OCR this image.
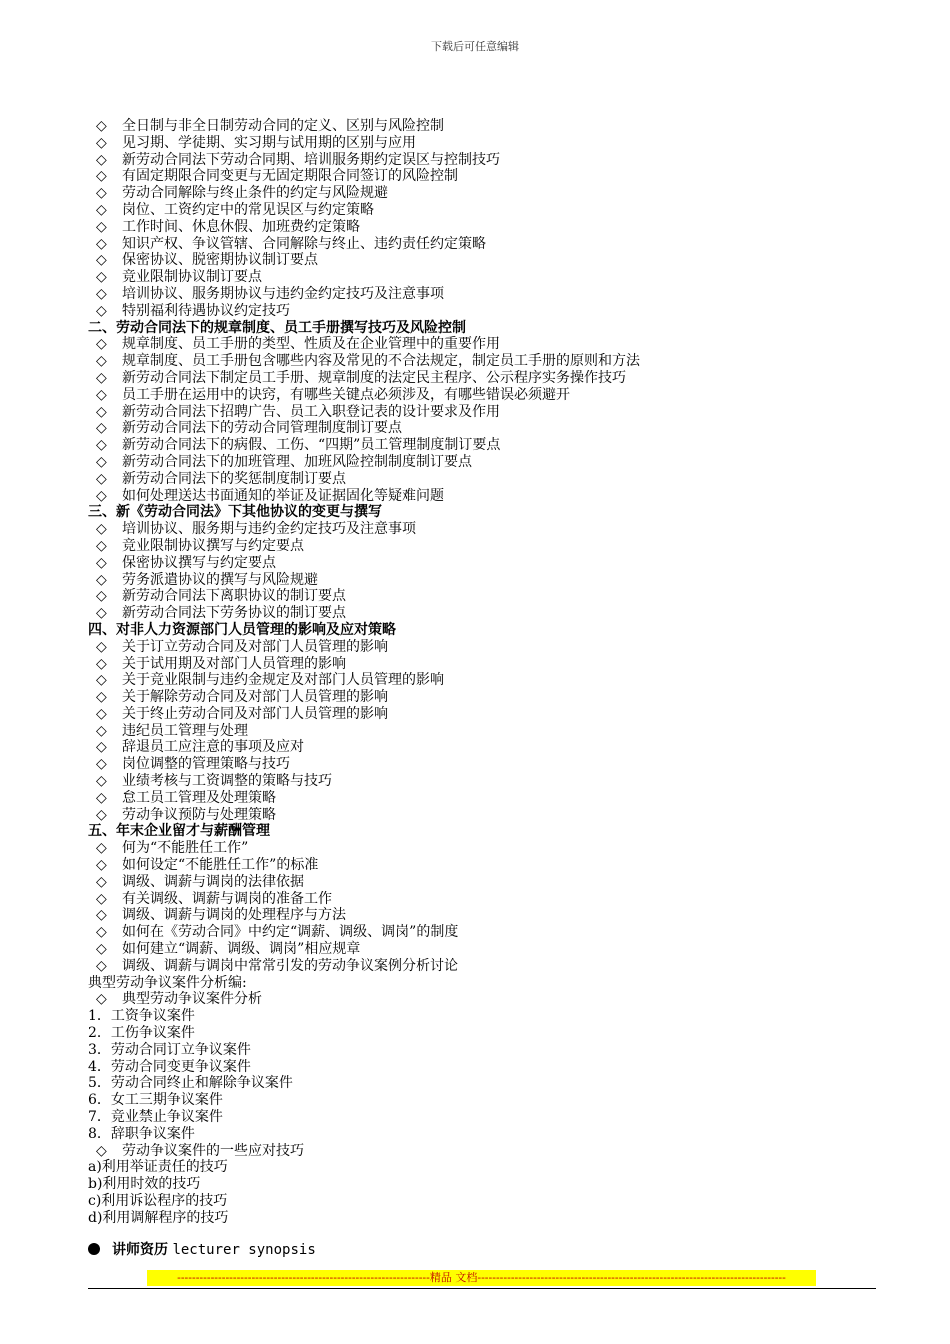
下载后可任意编辑
◇ 全日制与非全日制劳动合同的定义、区别与风险控制
◇ 见习期、学徒期、实习期与试用期的区别与应用
◇ 新劳动合同法下劳动合同期、培训服务期约定误区与控制技巧
◇ 有固定期限合同变更与无固定期限合同签订的风险控制
◇ 劳动合同解除与终止条件的约定与风险规避
◇ 岗位、工资约定中的常见误区与约定策略
◇ 工作时间、休息休假、加班费约定策略
◇ 知识产权、争议管辖、合同解除与终止、违约责任约定策略
◇ 保密协议、脱密期协议制订要点
◇ 竞业限制协议制订要点
◇ 培训协议、服务期协议与违约金约定技巧及注意事项
◇ 特别福利待遇协议约定技巧
二、劳动合同法下的规章制度、员工手册撰写技巧及风险控制
◇ 规章制度、员工手册的类型、性质及在企业管理中的重要作用
◇ 规章制度、员工手册包含哪些内容及常见的不合法规定，制定员工手册的原则和方法
◇ 新劳动合同法下制定员工手册、规章制度的法定民主程序、公示程序实务操作技巧
◇ 员工手册在运用中的诀窍，有哪些关键点必须涉及，有哪些错误必须避开
◇ 新劳动合同法下招聘广告、员工入职登记表的设计要求及作用
◇ 新劳动合同法下的劳动合同管理制度制订要点
◇ 新劳动合同法下的病假、工伤、“四期”员工管理制度制订要点
◇ 新劳动合同法下的加班管理、加班风险控制制度制订要点
◇ 新劳动合同法下的奖惩制度制订要点
◇ 如何处理送达书面通知的举证及证据固化等疑难问题
三、新《劳动合同法》下其他协议的变更与撰写
◇ 培训协议、服务期与违约金约定技巧及注意事项
◇ 竞业限制协议撰写与约定要点
◇ 保密协议撰写与约定要点
◇ 劳务派遣协议的撰写与风险规避
◇ 新劳动合同法下离职协议的制订要点
◇ 新劳动合同法下劳务协议的制订要点
四、对非人力资源部门人员管理的影响及应对策略
◇ 关于订立劳动合同及对部门人员管理的影响
◇ 关于试用期及对部门人员管理的影响
◇ 关于竞业限制与违约金规定及对部门人员管理的影响
◇ 关于解除劳动合同及对部门人员管理的影响
◇ 关于终止劳动合同及对部门人员管理的影响
◇ 违纪员工管理与处理
◇ 辞退员工应注意的事项及应对
◇ 岗位调整的管理策略与技巧
◇ 业绩考核与工资调整的策略与技巧
◇ 怠工员工管理及处理策略
◇ 劳动争议预防与处理策略
五、年末企业留才与薪酬管理
◇ 何为“不能胜任工作”
◇ 如何设定“不能胜任工作”的标准
◇ 调级、调薪与调岗的法律依据
◇ 有关调级、调薪与调岗的准备工作
◇ 调级、调薪与调岗的处理程序与方法
◇ 如何在《劳动合同》中约定“调薪、调级、调岗”的制度
◇ 如何建立“调薪、调级、调岗”相应规章
◇ 调级、调薪与调岗中常常引发的劳动争议案例分析讨论
典型劳动争议案件分析编:
◇ 典型劳动争议案件分析
1．工资争议案件
2．工伤争议案件
3．劳动合同订立争议案件
4．劳动合同变更争议案件
5．劳动合同终止和解除争议案件
6．女工三期争议案件
7．竞业禁止争议案件
8．辞职争议案件
◇ 劳动争议案件的一些应对技巧
a)利用举证责任的技巧
b)利用时效的技巧
c)利用诉讼程序的技巧
d)利用调解程序的技巧
讲师资历 lecturer synopsis
--------------------------------------------------------------------精品 文档-----------------------------------------------------------------------------------
